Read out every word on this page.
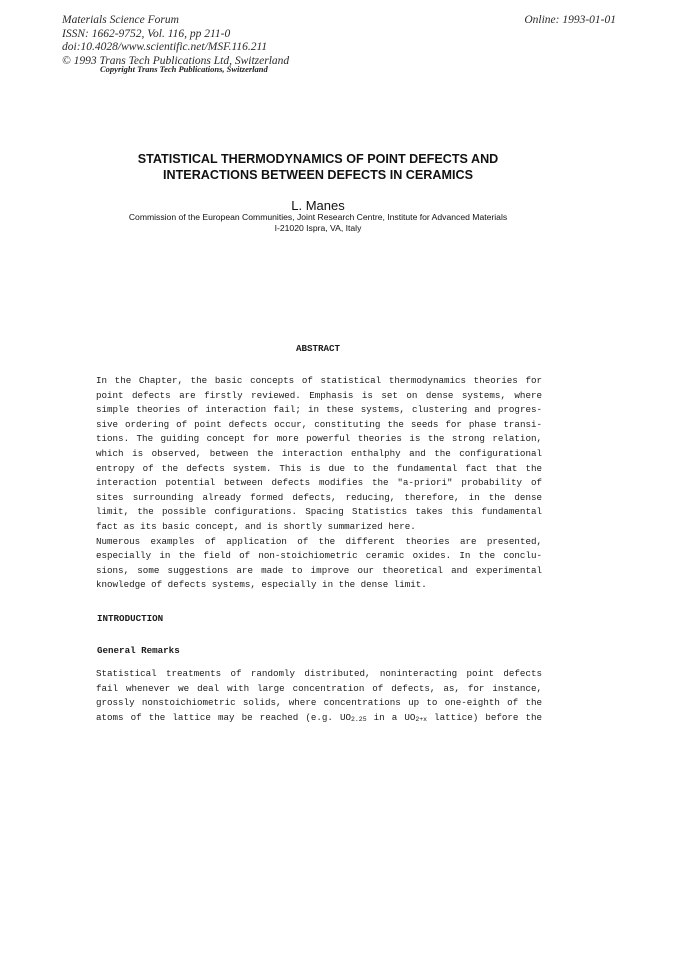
Materials Science Forum
ISSN: 1662-9752, Vol. 116, pp 211-0
doi:10.4028/www.scientific.net/MSF.116.211
© 1993 Trans Tech Publications Ltd, Switzerland
Online: 1993-01-01
Copyright Trans Tech Publications, Switzerland
STATISTICAL THERMODYNAMICS OF POINT DEFECTS AND
INTERACTIONS BETWEEN DEFECTS IN CERAMICS
L. Manes
Commission of the European Communities, Joint Research Centre, Institute for Advanced Materials
I-21020 Ispra, VA, Italy
ABSTRACT
In the Chapter, the basic concepts of statistical thermodynamics theories for
point defects are firstly reviewed. Emphasis is set on dense systems, where
simple theories of interaction fail; in these systems, clustering and progres-
sive ordering of point defects occur, constituting the seeds for phase transi-
tions. The guiding concept for more powerful theories is the strong relation,
which is observed, between the interaction enthalphy and the configurational
entropy of the defects system. This is due to the fundamental fact that the
interaction potential between defects modifies the "a-priori" probability of
sites surrounding already formed defects, reducing, therefore, in the dense
limit, the possible configurations. Spacing Statistics takes this fundamental
fact as its basic concept, and is shortly summarized here.
Numerous examples of application of the different theories are presented,
especially in the field of non-stoichiometric ceramic oxides. In the conclu-
sions, some suggestions are made to improve our theoretical and experimental
knowledge of defects systems, especially in the dense limit.
INTRODUCTION
General Remarks
Statistical treatments of randomly distributed, noninteracting point defects
fail whenever we deal with large concentration of defects, as, for instance,
grossly nonstoichiometric solids, where concentrations up to one-eighth of the
atoms of the lattice may be reached (e.g. $UO_{2.25}$ in a $UO_{2+x}$ lattice) before the
